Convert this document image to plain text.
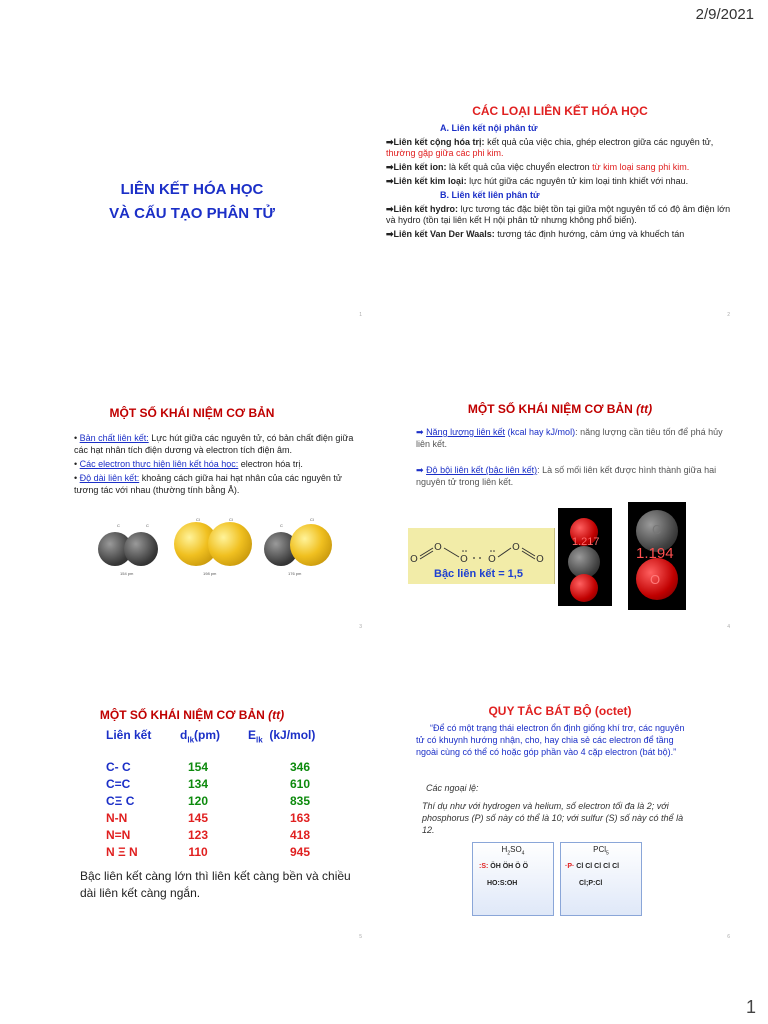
2/9/2021
1
LIÊN KẾT HÓA HỌC
VÀ CẤU TẠO PHÂN TỬ
1
CÁC LOẠI LIÊN KẾT HÓA HỌC
A. Liên kết nội phân tử
➡Liên kết cộng hóa trị: kết quả của việc chia, ghép electron giữa các nguyên tử, thường gặp giữa các phi kim.
➡Liên kết ion: là kết quả của việc chuyển electron từ kim loại sang phi kim.
➡Liên kết kim loại: lực hút giữa các nguyên tử kim loại tinh khiết với nhau.
B. Liên kết liên phân tử
➡Liên kết hydro: lực tương tác đặc biệt tồn tại giữa một nguyên tố có độ âm điện lớn và hydro (tồn tại liên kết H nội phân tử nhưng không phổ biến).
➡Liên kết Van Der Waals: tương tác định hướng, cảm ứng và khuếch tán
2
MỘT SỐ KHÁI NIỆM CƠ BẢN
• Bản chất liên kết: Lực hút giữa các nguyên tử, có bản chất điện giữa các hạt nhân tích điện dương và electron tích điện âm.
• Các electron thực hiện liên kết hóa học: electron hóa trị.
• Độ dài liên kết: khoảng cách giữa hai hạt nhân của các nguyên tử tương tác với nhau (thường tính bằng Å).
C	C
154 pm
Cl	Cl
198 pm
C
Cl
176 pm
3
MỘT SỐ KHÁI NIỆM CƠ BẢN (tt)
➡ Năng lượng liên kết (kcal hay kJ/mol): năng lượng cần tiêu tốn để phá hủy liên kết.
➡ Độ bội liên kết (bậc liên kết): Là số mối liên kết được hình thành giữa hai nguyên tử trong liên kết.
O
O
O O
O
O
Bậc liên kết = 1,5
1.217
C
O
1.194
4
MỘT SỐ KHÁI NIỆM CƠ BẢN (tt)
Liên kết $d_{lk}(pm)$ $E_{lk}$  (kJ/mol)
C- C	154	346
C=C	134	610
CΞ C	120	835
N-N	145	163
N=N	123	418
N Ξ N	110	945
Bậc liên kết càng lớn thì liên kết càng bền và chiều dài liên kết càng ngắn.
5
QUY TẮC BÁT BỘ (octet)
“Để có một trạng thái electron ổn định giống khí trơ, các nguyên tử có khuynh hướng nhận, cho, hay chia sẻ các electron để tầng ngoài cùng có thể có hoặc góp phần vào 4 cặp electron (bát bộ).”
Các ngoại lệ:
Thí dụ như với hydrogen và helium, số electron tối đa là 2; với phosphorus (P) số này có thể là 10; với sulfur (S) số này có thể là 12.
$H_2SO_4$
:S: ÖH ÖH Ö Ö
HO:S:OH
PCl$_5$
·P· Cl Cl Cl Cl Cl
Cl;P:Cl
6
